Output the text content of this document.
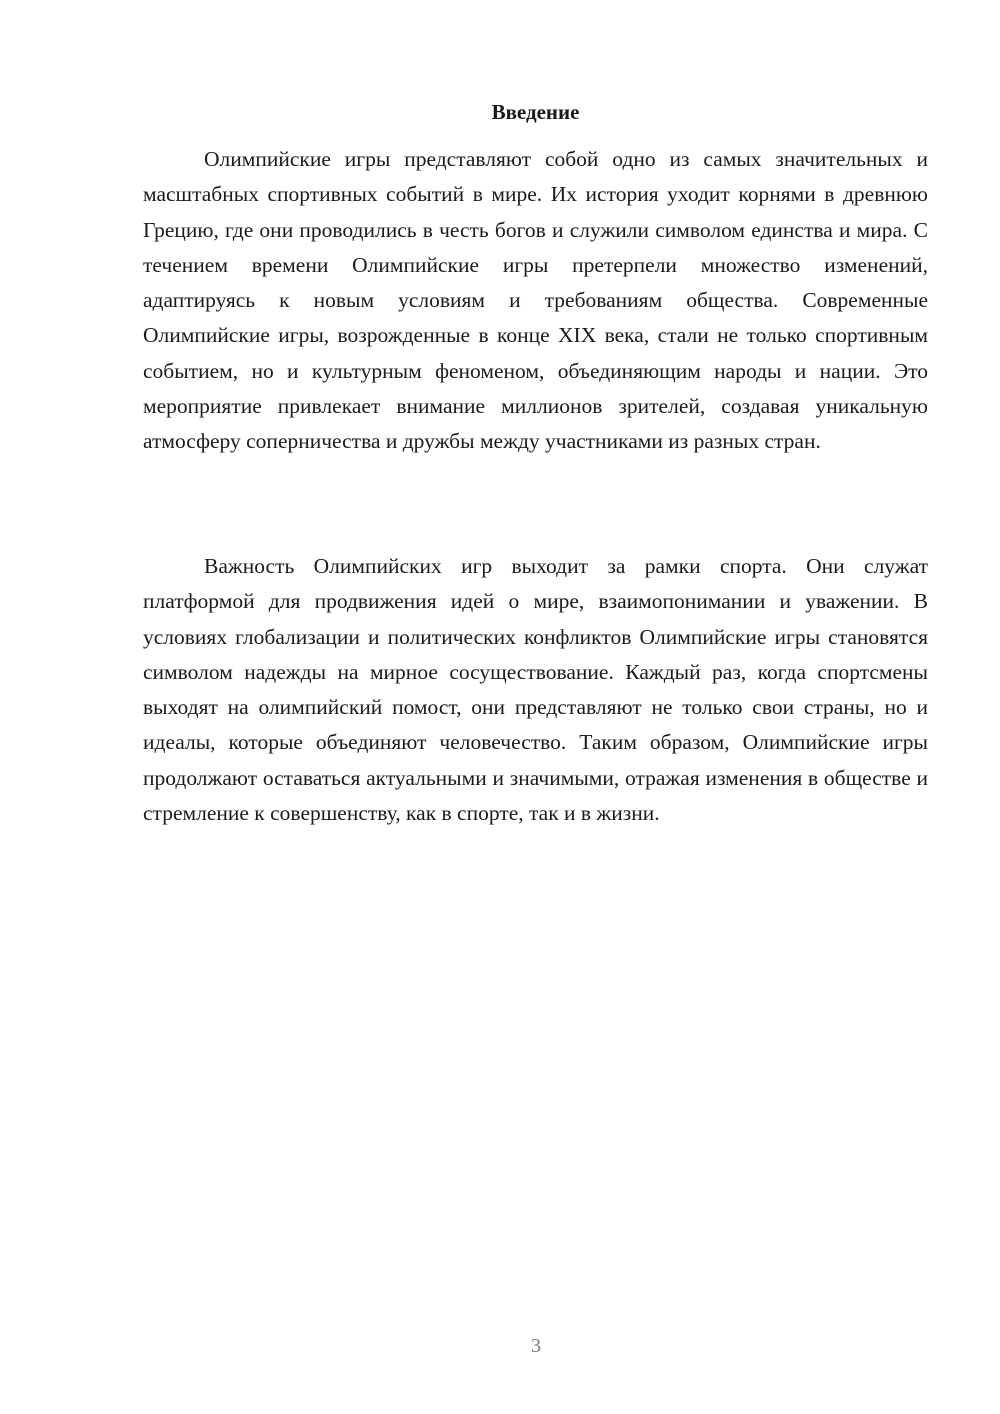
Введение

Олимпийские игры представляют собой одно из самых значительных и масштабных спортивных событий в мире. Их история уходит корнями в древнюю Грецию, где они проводились в честь богов и служили символом единства и мира. С течением времени Олимпийские игры претерпели множество изменений, адаптируясь к новым условиям и требованиям общества. Современные Олимпийские игры, возрожденные в конце XIX века, стали не только спортивным событием, но и культурным феноменом, объединяющим народы и нации. Это мероприятие привлекает внимание миллионов зрителей, создавая уникальную атмосферу соперничества и дружбы между участниками из разных стран.

Важность Олимпийских игр выходит за рамки спорта. Они служат платформой для продвижения идей о мире, взаимопонимании и уважении. В условиях глобализации и политических конфликтов Олимпийские игры становятся символом надежды на мирное сосуществование. Каждый раз, когда спортсмены выходят на олимпийский помост, они представляют не только свои страны, но и идеалы, которые объединяют человечество. Таким образом, Олимпийские игры продолжают оставаться актуальными и значимыми, отражая изменения в обществе и стремление к совершенству, как в спорте, так и в жизни.

3
